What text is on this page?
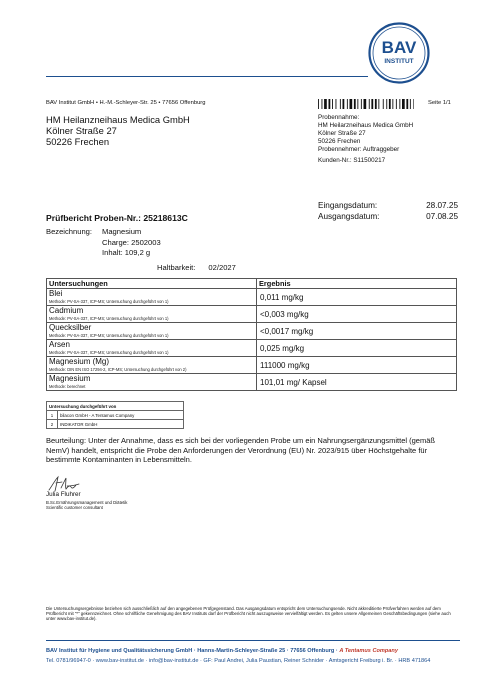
BAV
INSTITUT
BAV Institut GmbH • H.-M.-Schleyer-Str. 25 • 77656 Offenburg	Seite 1/1
HM Heilanzneihaus Medica GmbH
Kölner Straße 27
50226 Frechen
Probennahme:
HM Heilarzneihaus Medica GmbH
Kölner Straße 27
50226 Frechen
Probennehmer: Auftraggeber
Kunden-Nr.: S11500217
Eingangsdatum:	28.07.25
Ausgangsdatum:	07.08.25
Prüfbericht Proben-Nr.: 25218613C
Bezeichnung: Magnesium
Charge: 2502003
Inhalt: 109,2 g
Haltbarkeit: 02/2027
Untersuchungen	Ergebnis

Blei
Methode: PV-SA-337, ICP-MS; Untersuchung durchgeführt von 1)	0,011 mg/kg

Cadmium
Methode: PV-SA-337, ICP-MS; Untersuchung durchgeführt von 1)	<0,003 mg/kg

Quecksilber
Methode: PV-SA-337, ICP-MS; Untersuchung durchgeführt von 1)	<0,0017 mg/kg

Arsen
Methode: PV-SA-337, ICP-MS; Untersuchung durchgeführt von 1)	0,025 mg/kg

Magnesium (Mg)
Methode: DIN EN ISO 17294-2, ICP-MS; Untersuchung durchgeführt von 2)	111000 mg/kg

Magnesium
Methode: berechnet	101,01 mg/ Kapsel
Untersuchung durchgeführt von	
1	bilacon GmbH - A Tentamus Company
2	INDIKATOR GmbH
Beurteilung: Unter der Annahme, dass es sich bei der vorliegenden Probe um ein Nahrungsergänzungsmittel (gemäß NemV) handelt, entspricht die Probe den Anforderungen der Verordnung (EU) Nr. 2023/915 über Höchstgehalte für bestimmte Kontaminanten in Lebensmitteln.
Julia Fluhrer
B.Sc.Ernährungsmanagement und Diätetik
Scientific customer consultant
Die Untersuchungsergebnisse beziehen sich ausschließlich auf den angegebenen Prüfgegenstand. Das Ausgangsdatum entspricht dem Untersuchungsende. Nicht akkreditierte Prüfverfahren werden auf dem Prüfbericht mit "*" gekennzeichnet. Ohne schriftliche Genehmigung des BAV Instituts darf der Prüfbericht nicht auszugsweise vervielfältigt werden. Es gelten unsere Allgemeinen Geschäftsbedingungen (siehe auch unter www.bav-institut.de).
BAV Institut für Hygiene und Qualitätssicherung GmbH · Hanns-Martin-Schleyer-Straße 25 · 77656 Offenburg · A Tentamus Company
Tel. 0781/96947-0 · www.bav-institut.de · info@bav-institut.de · GF: Paul Andrei, Julia Paustian, Reiner Schnider · Amtsgericht Freiburg i. Br. · HRB 471864
